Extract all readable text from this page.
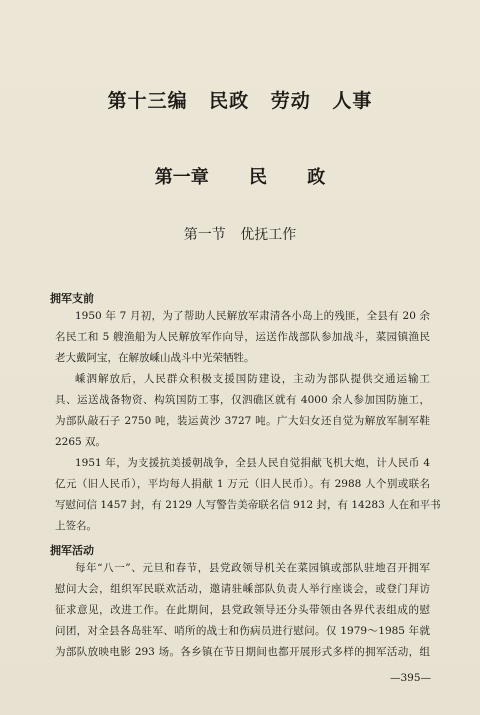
第十三编 民政 劳动 人事
第一章 民 政
第一节 优抚工作
拥军支前
1950 年 7 月初，为了帮助人民解放军肃清各小岛上的残匪，全县有 20 余
名民工和 5 艘渔船为人民解放军作向导，运送作战部队参加战斗，菜园镇渔民
老大戴阿宝，在解放嵊山战斗中光荣牺牲。
嵊泗解放后，人民群众积极支援国防建设，主动为部队提供交通运输工
具、运送战备物资、构筑国防工事，仅泗礁区就有 4000 余人参加国防施工，
为部队敲石子 2750 吨，装运黄沙 3727 吨。广大妇女还自觉为解放军制军鞋
2265 双。
1951 年，为支援抗美援朝战争，全县人民自觉捐献飞机大炮，计人民币 4
亿元（旧人民币），平均每人捐献 1 万元（旧人民币）。有 2988 人个别或联名
写慰问信 1457 封，有 2129 人写警告美帝联名信 912 封，有 14283 人在和平书
上签名。
拥军活动
每年“八一”、元旦和春节，县党政领导机关在菜园镇或部队驻地召开拥军
慰问大会，组织军民联欢活动，邀请驻嵊部队负责人举行座谈会，或登门拜访
征求意见，改进工作。在此期间，县党政领导还分头带领由各界代表组成的慰
问团，对全县各岛驻军、哨所的战士和伤病员进行慰问。仅 1979～1985 年就
为部队放映电影 293 场。各乡镇在节日期间也都开展形式多样的拥军活动，组
—395—
